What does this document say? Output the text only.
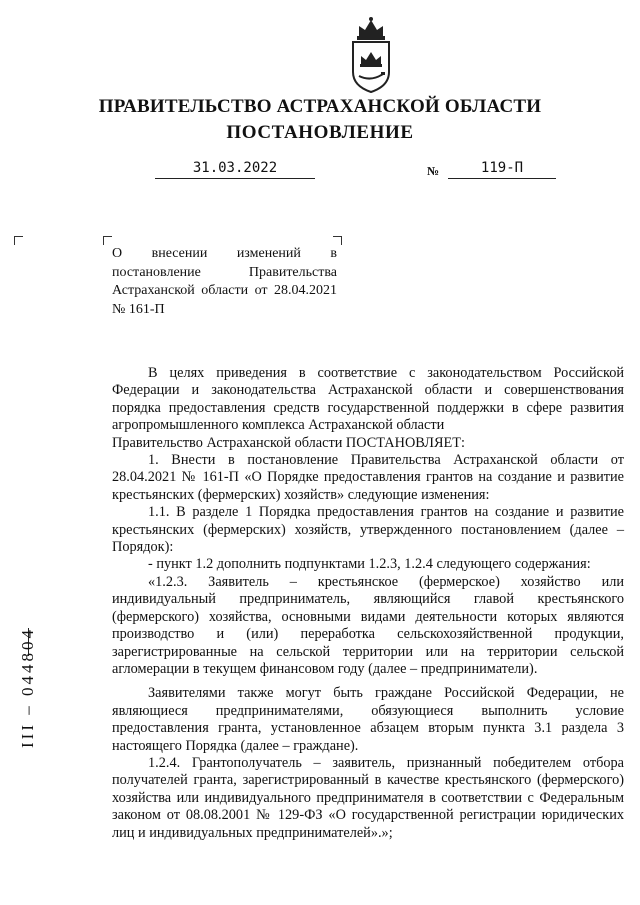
ПРАВИТЕЛЬСТВО АСТРАХАНСКОЙ ОБЛАСТИ
ПОСТАНОВЛЕНИЕ
31.03.2022	№	119-П
О внесении изменений в постановление Правительства Астраханской области от 28.04.2021 № 161-П

В целях приведения в соответствие с законодательством Российской Федерации и законодательства Астраханской области и совершенствования порядка предоставления средств государственной поддержки в сфере развития агропромышленного комплекса Астраханской области

Правительство Астраханской области ПОСТАНОВЛЯЕТ:

1. Внести в постановление Правительства Астраханской области от 28.04.2021 № 161-П «О Порядке предоставления грантов на создание и развитие крестьянских (фермерских) хозяйств» следующие изменения:

1.1. В разделе 1 Порядка предоставления грантов на создание и развитие крестьянских (фермерских) хозяйств, утвержденного постановлением (далее – Порядок):

- пункт 1.2 дополнить подпунктами 1.2.3, 1.2.4 следующего содержания:

«1.2.3. Заявитель – крестьянское (фермерское) хозяйство или индивидуальный предприниматель, являющийся главой крестьянского (фермерского) хозяйства, основными видами деятельности которых являются производство и (или) переработка сельскохозяйственной продукции, зарегистрированные на сельской территории или на территории сельской агломерации в текущем финансовом году (далее – предприниматели).

Заявителями также могут быть граждане Российской Федерации, не являющиеся предпринимателями, обязующиеся выполнить условие предоставления гранта, установленное абзацем вторым пункта 3.1 раздела 3 настоящего Порядка (далее – граждане).

1.2.4. Грантополучатель – заявитель, признанный победителем отбора получателей гранта, зарегистрированный в качестве крестьянского (фермерского) хозяйства или индивидуального предпринимателя в соответствии с Федеральным законом от 08.08.2001 № 129-ФЗ «О государственной регистрации юридических лиц и индивидуальных предпринимателей».»;

III – 044804
